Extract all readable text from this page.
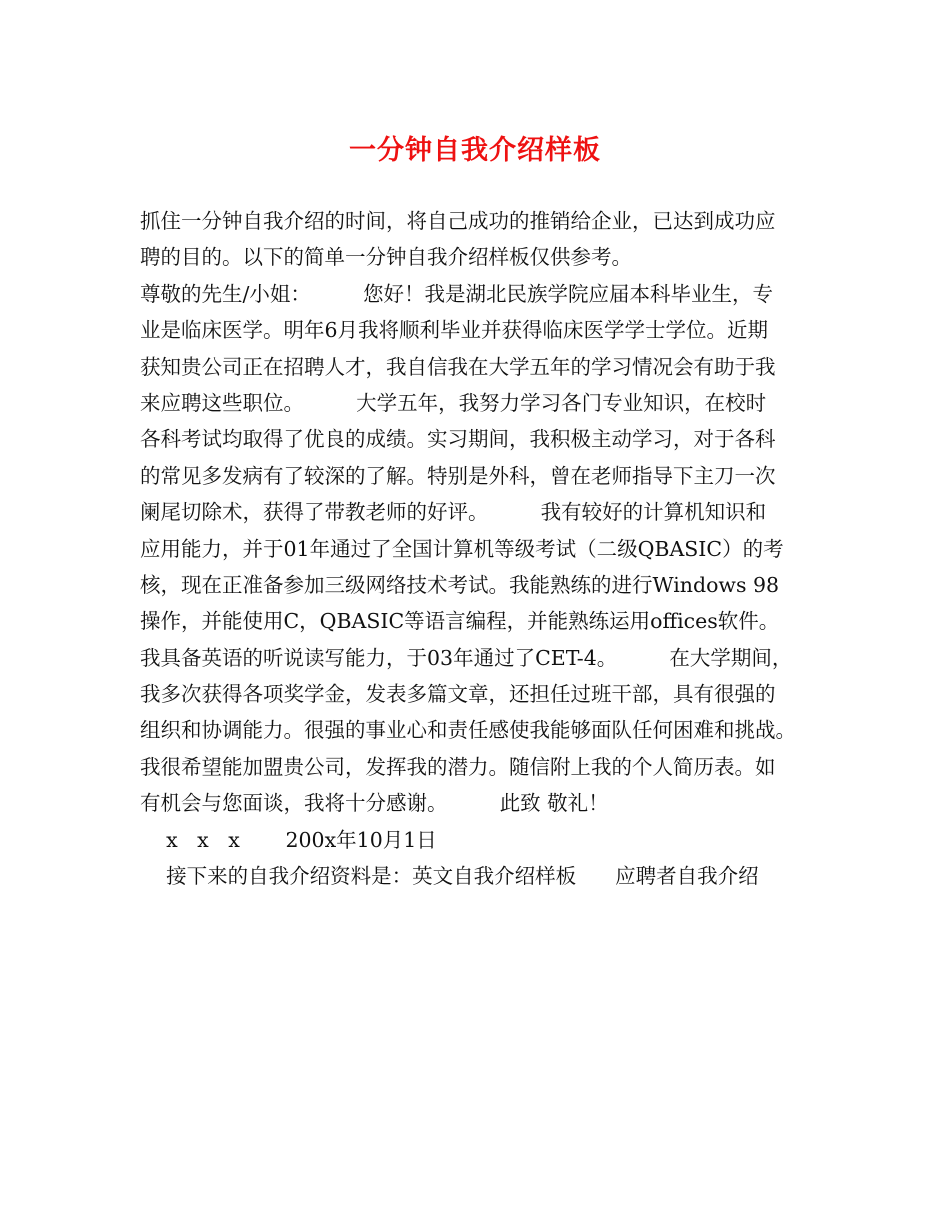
一分钟自我介绍样板
抓住一分钟自我介绍的时间，将自己成功的推销给企业，已达到成功应
聘的目的。以下的简单一分钟自我介绍样板仅供参考。
尊敬的先生/小姐：        您好！我是湖北民族学院应届本科毕业生，专
业是临床医学。明年6月我将顺利毕业并获得临床医学学士学位。近期
获知贵公司正在招聘人才，我自信我在大学五年的学习情况会有助于我
来应聘这些职位。        大学五年，我努力学习各门专业知识，在校时
各科考试均取得了优良的成绩。实习期间，我积极主动学习，对于各科
的常见多发病有了较深的了解。特别是外科，曾在老师指导下主刀一次
阑尾切除术，获得了带教老师的好评。        我有较好的计算机知识和
应用能力，并于01年通过了全国计算机等级考试（二级QBASIC）的考
核，现在正准备参加三级网络技术考试。我能熟练的进行Windows 98
操作，并能使用C，QBASIC等语言编程，并能熟练运用offices软件。
我具备英语的听说读写能力，于03年通过了CET-4。        在大学期间，
我多次获得各项奖学金，发表多篇文章，还担任过班干部，具有很强的
组织和协调能力。很强的事业心和责任感使我能够面队任何困难和挑战。
我很希望能加盟贵公司，发挥我的潜力。随信附上我的个人简历表。如
有机会与您面谈，我将十分感谢。        此致 敬礼！
x   x   x       200x年10月1日
接下来的自我介绍资料是：英文自我介绍样板      应聘者自我介绍
